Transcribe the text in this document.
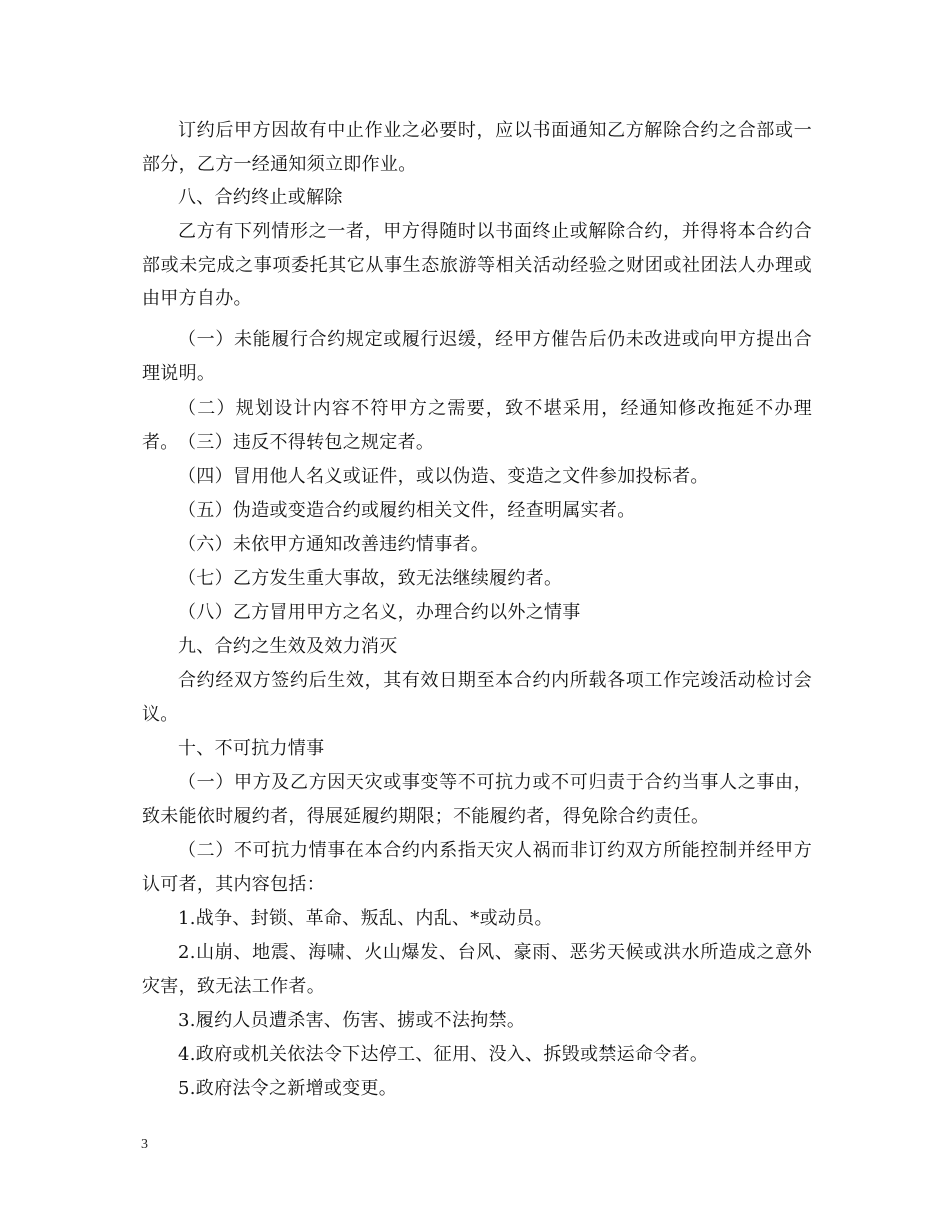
订约后甲方因故有中止作业之必要时，应以书面通知乙方解除合约之合部或一部分，乙方一经通知须立即作业。

八、合约终止或解除

乙方有下列情形之一者，甲方得随时以书面终止或解除合约，并得将本合约合部或未完成之事项委托其它从事生态旅游等相关活动经验之财团或社团法人办理或由甲方自办。

（一）未能履行合约规定或履行迟缓，经甲方催告后仍未改进或向甲方提出合理说明。

（二）规划设计内容不符甲方之需要，致不堪采用，经通知修改拖延不办理者。 （三）违反不得转包之规定者。

（四）冒用他人名义或证件，或以伪造、变造之文件参加投标者。

（五）伪造或变造合约或履约相关文件，经查明属实者。

（六）未依甲方通知改善违约情事者。

（七）乙方发生重大事故，致无法继续履约者。

（八）乙方冒用甲方之名义，办理合约以外之情事

九、合约之生效及效力消灭

合约经双方签约后生效，其有效日期至本合约内所载各项工作完竣活动检讨会议。

十、不可抗力情事

（一）甲方及乙方因天灾或事变等不可抗力或不可归责于合约当事人之事由，致未能依时履约者，得展延履约期限；不能履约者，得免除合约责任。

（二）不可抗力情事在本合约内系指天灾人祸而非订约双方所能控制并经甲方认可者，其内容包括：

1.战争、封锁、革命、叛乱、内乱、*或动员。

2.山崩、地震、海啸、火山爆发、台风、豪雨、恶劣天候或洪水所造成之意外灾害，致无法工作者。

3.履约人员遭杀害、伤害、掳或不法拘禁。

4.政府或机关依法令下达停工、征用、没入、拆毁或禁运命令者。

5.政府法令之新增或变更。

3
